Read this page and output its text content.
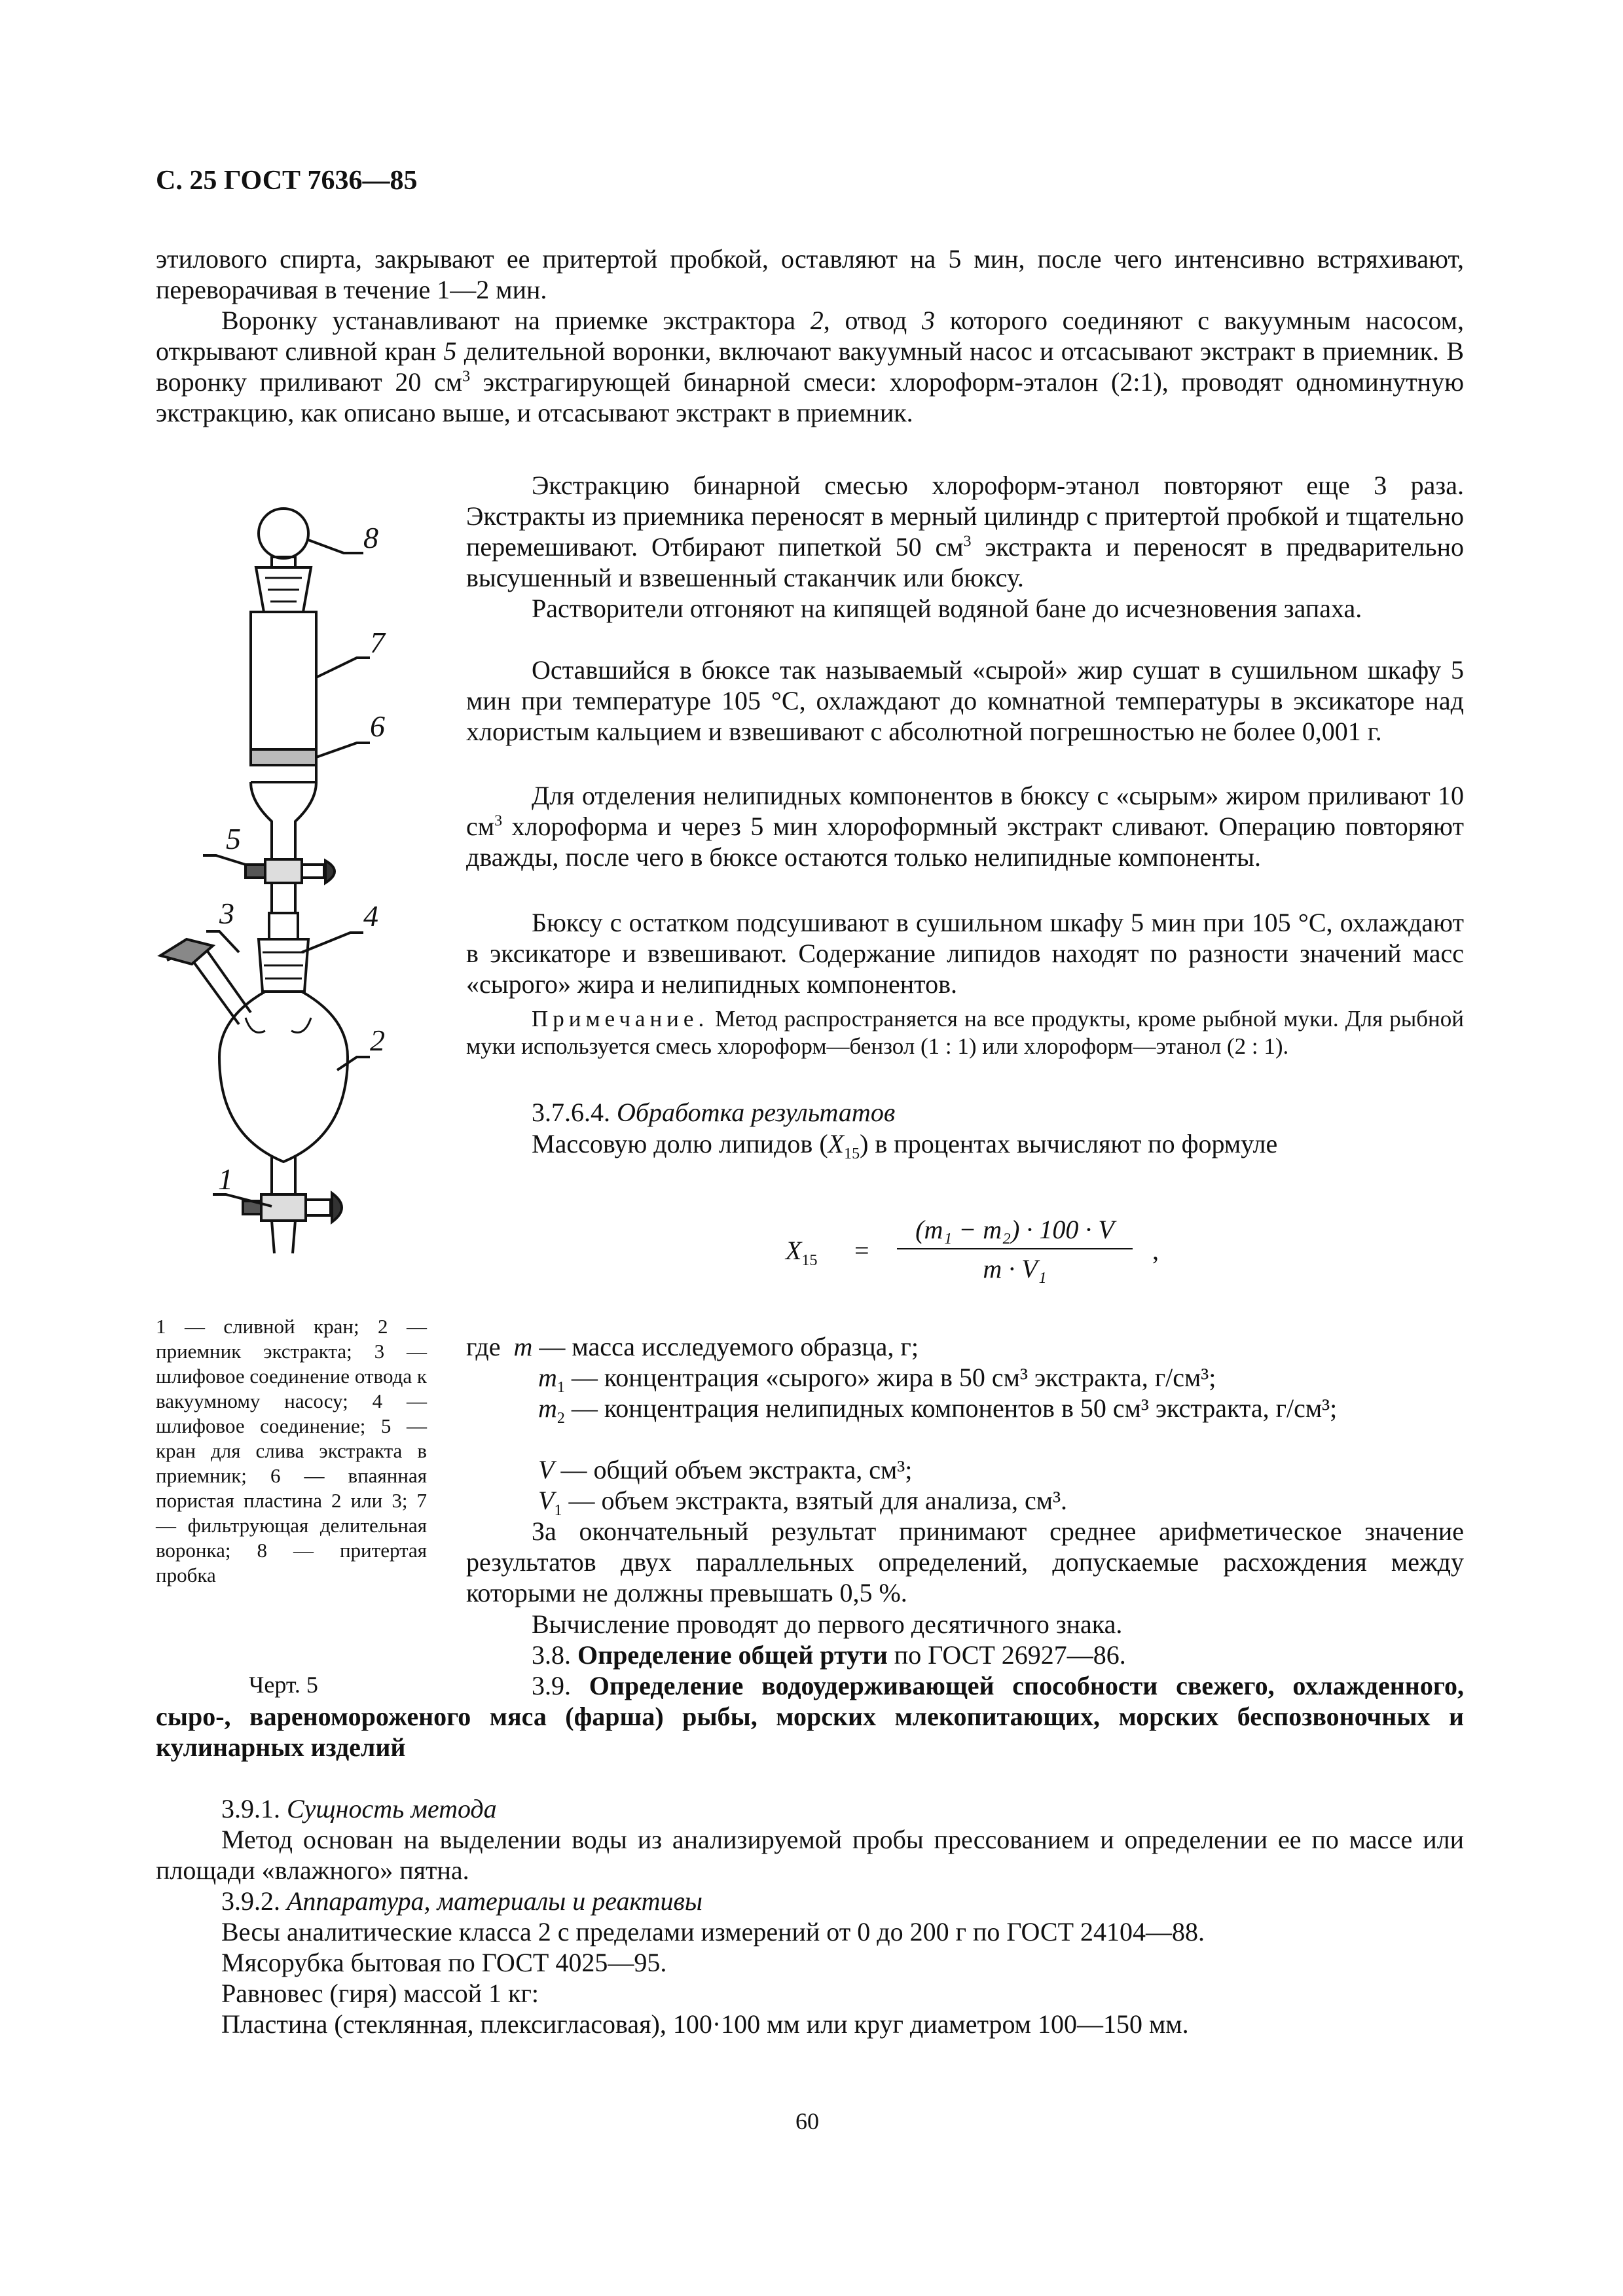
С. 25 ГОСТ 7636—85
этилового спирта, закрывают ее притертой пробкой, оставляют на 5 мин, после чего интенсивно встряхивают, переворачивая в течение 1—2 мин.
Воронку устанавливают на приемке экстрактора 2, отвод 3 которого соединяют с вакуумным насосом, открывают сливной кран 5 делительной воронки, включают вакуумный насос и отсасывают экстракт в приемник. В воронку приливают 20 $см^3$ экстрагирующей бинарной смеси: хлороформ-эталон (2:1), проводят одноминутную экстракцию, как описано выше, и отсасывают экстракт в приемник.
Экстракцию бинарной смесью хлороформ-этанол повторяют еще 3 раза. Экстракты из приемника переносят в мерный цилиндр с притертой пробкой и тщательно перемешивают. Отбирают пипеткой 50 $см^3$ экстракта и переносят в предварительно высушенный и взвешенный стаканчик или бюксу.
Растворители отгоняют на кипящей водяной бане до исчезновения запаха.
Оставшийся в бюксе так называемый «сырой» жир сушат в сушильном шкафу 5 мин при температуре 105 °С, охлаждают до комнатной температуры в эксикаторе над хлористым кальцием и взвешивают с абсолютной погрешностью не более 0,001 г.
Для отделения нелипидных компонентов в бюксу с «сырым» жиром приливают 10 $см^3$ хлороформа и через 5 мин хлороформный экстракт сливают. Операцию повторяют дважды, после чего в бюксе остаются только нелипидные компоненты.
Бюксу с остатком подсушивают в сушильном шкафу 5 мин при 105 °С, охлаждают в эксикаторе и взвешивают. Содержание липидов находят по разности значений масс «сырого» жира и нелипидных компонентов.
Примечание. Метод распространяется на все продукты, кроме рыбной муки. Для рыбной муки используется смесь хлороформ—бензол (1 : 1) или хлороформ—этанол (2 : 1).
3.7.6.4. Обработка результатов
Массовую долю липидов $(X_{15})$ в процентах вычисляют по формуле
$X_{15}$ =
(m₁ − m₂) · 100 · V
m · V₁
,
где m — масса исследуемого образца, г;
$m_1$ — концентрация «сырого» жира в 50 см³ экстракта, г/см³;
$m_2$ — концентрация нелипидных компонентов в 50 см³ экстракта, г/см³;
V — общий объем экстракта, см³;
$V_1$ — объем экстракта, взятый для анализа, см³.
За окончательный результат принимают среднее арифметическое значение результатов двух параллельных определений, допускаемые расхождения между которыми не должны превышать 0,5 %.
Вычисление проводят до первого десятичного знака.
3.8. Определение общей ртути по ГОСТ 26927—86.
3.9. Определение водоудерживающей способности свежего, охлажденного, сыро-, вареномороженого мяса (фарша) рыбы, морских млекопитающих, морских беспозвоночных и кулинарных изделий
3.9.1. Сущность метода
Метод основан на выделении воды из анализируемой пробы прессованием и определении ее по массе или площади «влажного» пятна.
3.9.2. Аппаратура, материалы и реактивы
Весы аналитические класса 2 с пределами измерений от 0 до 200 г по ГОСТ 24104—88.
Мясорубка бытовая по ГОСТ 4025—95.
Равновес (гиря) массой 1 кг:
Пластина (стеклянная, плексигласовая), 100·100 мм или круг диаметром 100—150 мм.
8
7
6
5
3	4
2
1
1 — сливной кран; 2 — приемник экстракта; 3 — шлифовое соединение отвода к вакуумному насосу; 4 — шлифовое соединение; 5 — кран для слива экстракта в приемник; 6 — впаянная пористая пластина 2 или 3; 7 — фильтрующая делительная воронка; 8 — притертая пробка
Черт. 5
60
